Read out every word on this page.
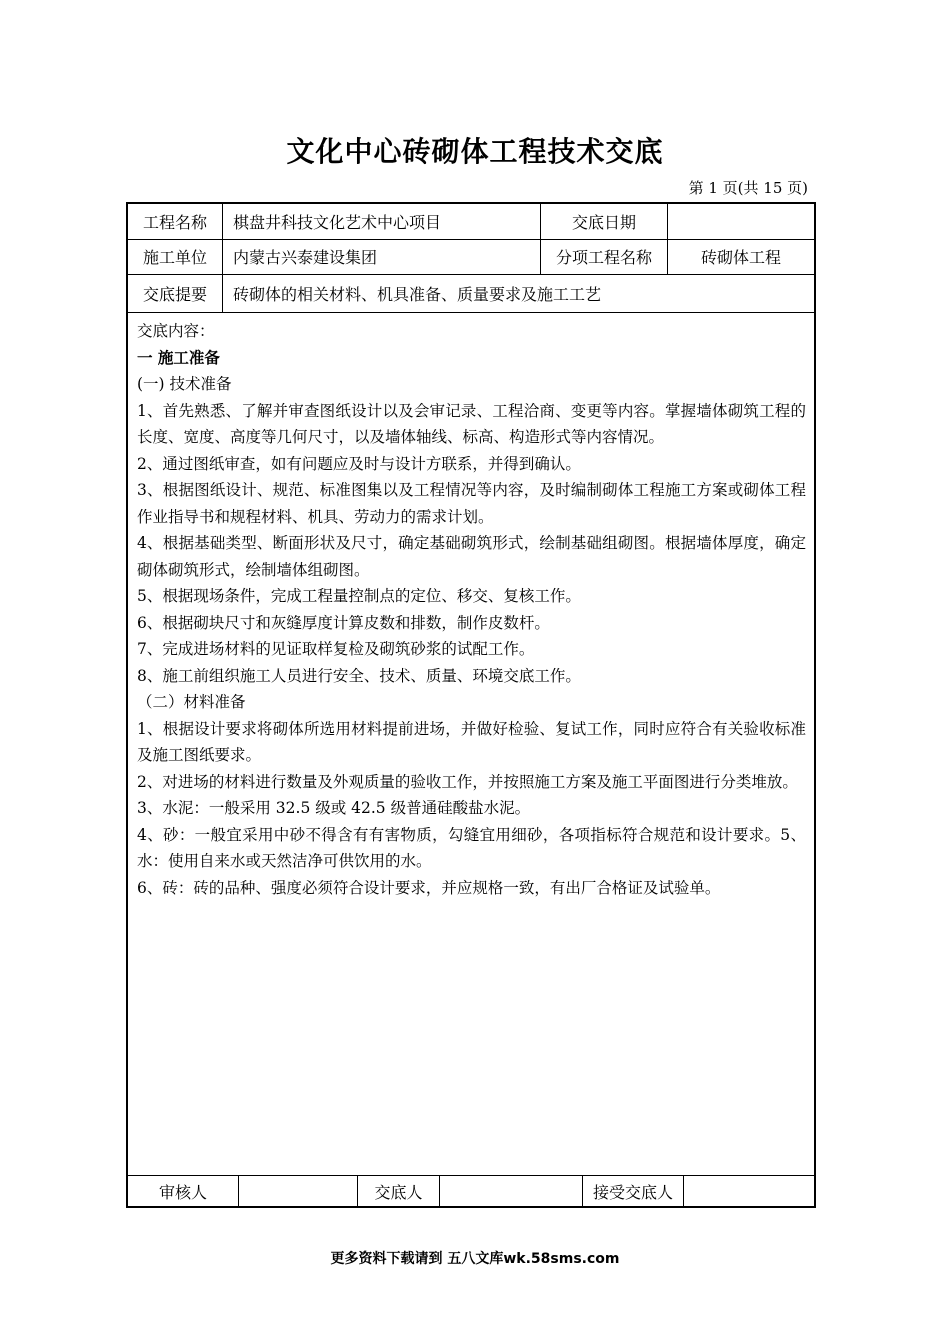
文化中心砖砌体工程技术交底
第 1 页(共 15 页)
工程名称	棋盘井科技文化艺术中心项目	交底日期
施工单位	内蒙古兴泰建设集团	分项工程名称	砖砌体工程
交底提要	砖砌体的相关材料、机具准备、质量要求及施工工艺

交底内容：

一 施工准备

(一) 技术准备

1、首先熟悉、了解并审查图纸设计以及会审记录、工程洽商、变更等内容。掌握墙体砌筑工程的长度、宽度、高度等几何尺寸，以及墙体轴线、标高、构造形式等内容情况。

2、通过图纸审查，如有问题应及时与设计方联系，并得到确认。

3、根据图纸设计、规范、标准图集以及工程情况等内容，及时编制砌体工程施工方案或砌体工程作业指导书和规程材料、机具、劳动力的需求计划。

4、根据基础类型、断面形状及尺寸，确定基础砌筑形式，绘制基础组砌图。根据墙体厚度，确定砌体砌筑形式，绘制墙体组砌图。

5、根据现场条件，完成工程量控制点的定位、移交、复核工作。

6、根据砌块尺寸和灰缝厚度计算皮数和排数，制作皮数杆。

7、完成进场材料的见证取样复检及砌筑砂浆的试配工作。

8、施工前组织施工人员进行安全、技术、质量、环境交底工作。

（二）材料准备

1、根据设计要求将砌体所选用材料提前进场，并做好检验、复试工作，同时应符合有关验收标准及施工图纸要求。

2、对进场的材料进行数量及外观质量的验收工作，并按照施工方案及施工平面图进行分类堆放。

3、水泥：一般采用 32.5 级或 42.5 级普通硅酸盐水泥。

4、砂：一般宜采用中砂不得含有有害物质，勾缝宜用细砂，各项指标符合规范和设计要求。5、水：使用自来水或天然洁净可供饮用的水。

6、砖：砖的品种、强度必须符合设计要求，并应规格一致，有出厂合格证及试验单。

审核人	交底人	接受交底人
更多资料下载请到 五八文库wk.58sms.com
